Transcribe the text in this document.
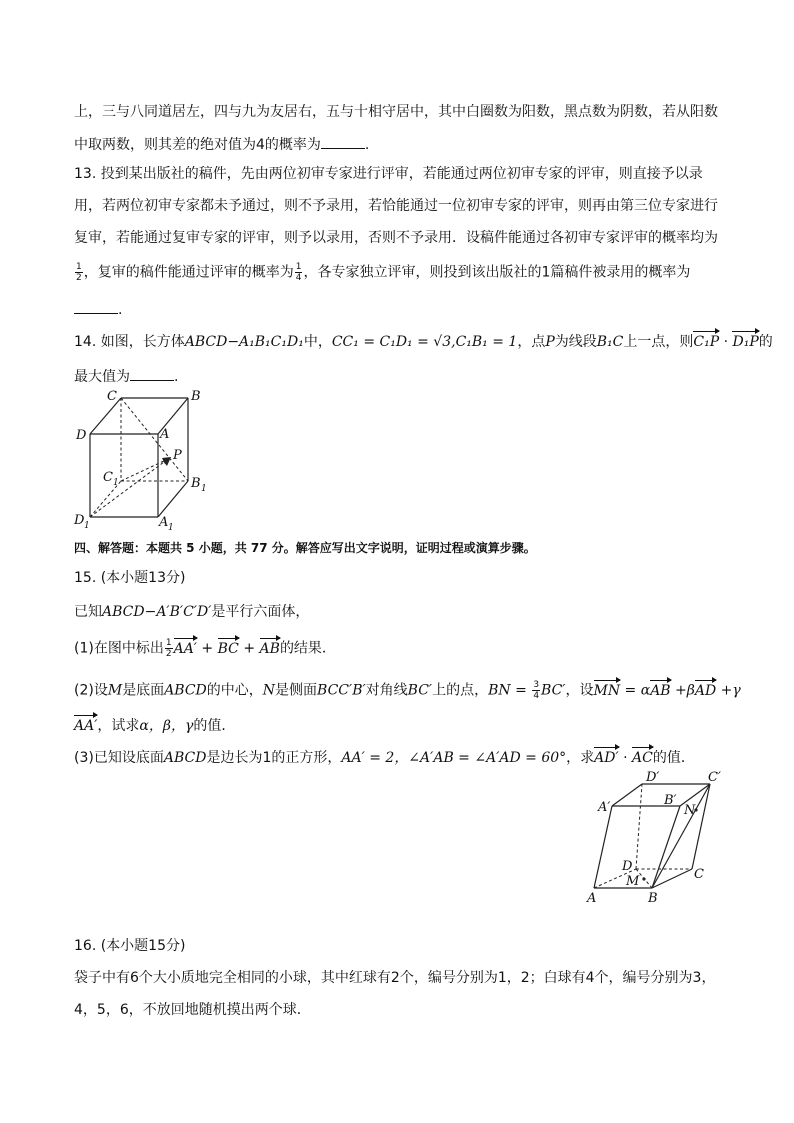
上，三与八同道居左，四与九为友居右，五与十相守居中，其中白圈数为阳数，黑点数为阴数，若从阳数
中取两数，则其差的绝对值为4的概率为	.
13. 投到某出版社的稿件，先由两位初审专家进行评审，若能通过两位初审专家的评审，则直接予以录
用，若两位初审专家都未予通过，则不予录用，若恰能通过一位初审专家的评审，则再由第三位专家进行
复审，若能通过复审专家的评审，则予以录用，否则不予录用．设稿件能通过各初审专家评审的概率均为
$\frac{1}{2}$ ，复审的稿件能通过评审的概率为 $\frac{1}{4}$ ，各专家独立评审，则投到该出版社的1篇稿件被录用的概率为
.
14. 如图，长方体ABCD−A₁B₁C₁D₁中，CC₁ = C₁D₁ = √3,C₁B₁ = 1，点P为线段B₁C上一点，则C₁P · D₁P的
最大值为	.
C	B
D	A
P
C 1	B 1
D 1	A 1
四、解答题：本题共 5 小题，共 77 分。解答应写出文字说明，证明过程或演算步骤。
15. (本小题13分)
已知ABCD−A′B′C′D′是平行六面体，
(1)在图中标出 $\frac{1}{2} AA'$ + BC + AB的结果．
(2)设M是底面ABCD的中心，N是侧面BCC′B′对角线BC′上的点，BN = $\frac{3}{4} BC'$，设MN = αAB +βAD +γ
AA′，试求α，β，γ的值．
(3)已知设底面ABCD是边长为1的正方形，AA′ = 2，∠A′AB = ∠A′AD = 60°，求AD′ · AC的值．
D′	C′
A′	B′
N
D
C
M
A	B
16. (本小题15分)
袋子中有6个大小质地完全相同的小球，其中红球有2个，编号分别为1，2；白球有4个，编号分别为3，
4，5，6，不放回地随机摸出两个球．
